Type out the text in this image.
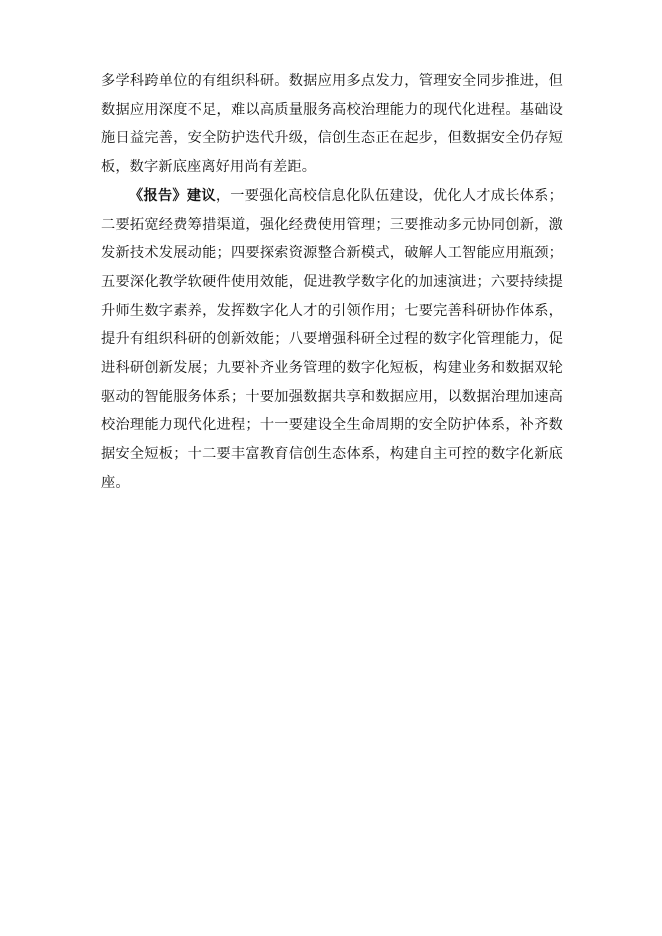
多学科跨单位的有组织科研。数据应用多点发力，管理安全同步推进，但数据应用深度不足，难以高质量服务高校治理能力的现代化进程。基础设施日益完善，安全防护迭代升级，信创生态正在起步，但数据安全仍存短板，数字新底座离好用尚有差距。

《报告》建议，一要强化高校信息化队伍建设，优化人才成长体系；二要拓宽经费筹措渠道，强化经费使用管理；三要推动多元协同创新，激发新技术发展动能；四要探索资源整合新模式，破解人工智能应用瓶颈；五要深化教学软硬件使用效能，促进教学数字化的加速演进；六要持续提升师生数字素养，发挥数字化人才的引领作用；七要完善科研协作体系，提升有组织科研的创新效能；八要增强科研全过程的数字化管理能力，促进科研创新发展；九要补齐业务管理的数字化短板，构建业务和数据双轮驱动的智能服务体系；十要加强数据共享和数据应用，以数据治理加速高校治理能力现代化进程；十一要建设全生命周期的安全防护体系，补齐数据安全短板；十二要丰富教育信创生态体系，构建自主可控的数字化新底座。
